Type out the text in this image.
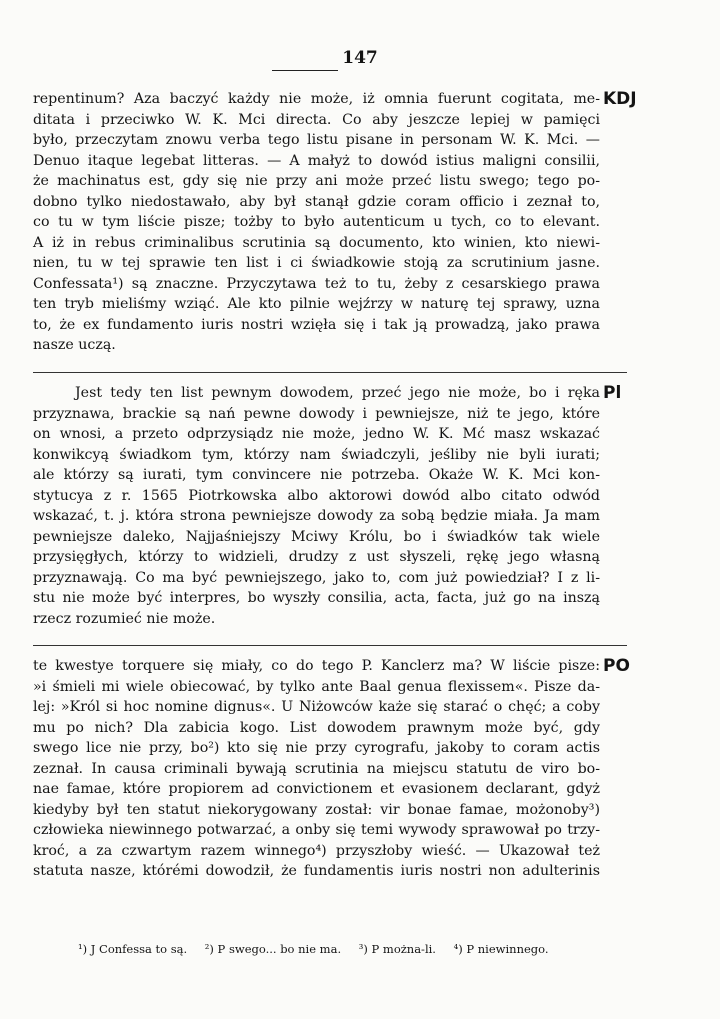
147
repentinum? Aza baczyć każdy nie może, iż omnia fuerunt cogitata, me-
ditata i przeciwko W. K. Mci directa. Co aby jeszcze lepiej w pamięci
było, przeczytam znowu verba tego listu pisane in personam W. K. Mci. —
Denuo itaque legebat litteras. — A małyż to dowód istius maligni consilii,
że machinatus est, gdy się nie przy ani może przeć listu swego; tego po-
dobno tylko niedostawało, aby był stanął gdzie coram officio i zeznał to,
co tu w tym liście pisze; tożby to było autenticum u tych, co to elevant.
A iż in rebus criminalibus scrutinia są documento, kto winien, kto niewi-
nien, tu w tej sprawie ten list i ci świadkowie stoją za scrutinium jasne.
Confessata¹) są znaczne. Przyczytawa też to tu, żeby z cesarskiego prawa
ten tryb mieliśmy wziąć. Ale kto pilnie wejźrzy w naturę tej sprawy, uzna
to, że ex fundamento iuris nostri wzięła się i tak ją prowadzą, jako prawa
nasze uczą.
KDJ
Jest tedy ten list pewnym dowodem, przeć jego nie może, bo i ręka
przyznawa, brackie są nań pewne dowody i pewniejsze, niż te jego, które
on wnosi, a przeto odprzysiądz nie może, jedno W. K. Mć masz wskazać
konwikcyą świadkom tym, którzy nam świadczyli, jeśliby nie byli iurati;
ale którzy są iurati, tym convincere nie potrzeba. Okaże W. K. Mci kon-
stytucya z r. 1565 Piotrkowska albo aktorowi dowód albo citato odwód
wskazać, t. j. która strona pewniejsze dowody za sobą będzie miała. Ja mam
pewniejsze daleko, Najjaśniejszy Mciwy Królu, bo i świadków tak wiele
przysięgłych, którzy to widzieli, drudzy z ust słyszeli, rękę jego własną
przyznawają. Co ma być pewniejszego, jako to, com już powiedział? I z li-
stu nie może być interpres, bo wyszły consilia, acta, facta, już go na inszą
rzecz rozumieć nie może.
Pl
te kwestye torquere się miały, co do tego P. Kanclerz ma? W liście pisze:
»i śmieli mi wiele obiecować, by tylko ante Baal genua flexissem«. Pisze da-
lej: »Król si hoc nomine dignus«. U Niżowców każe się starać o chęć; a coby
mu po nich? Dla zabicia kogo. List dowodem prawnym może być, gdy
swego lice nie przy, bo²) kto się nie przy cyrografu, jakoby to coram actis
zeznał. In causa criminali bywają scrutinia na miejscu statutu de viro bo-
nae famae, które propiorem ad convictionem et evasionem declarant, gdyż
kiedyby był ten statut niekorygowany został: vir bonae famae, możonoby³)
człowieka niewinnego potwarzać, a onby się temi wywody sprawował po trzy-
kroć, a za czwartym razem winnego⁴) przyszłoby wieść. — Ukazował też
statuta nasze, którémi dowodził, że fundamentis iuris nostri non adulterinis
PO
¹) J Confessa to są. ²) P swego... bo nie ma. ³) P można-li. ⁴) P niewinnego.
